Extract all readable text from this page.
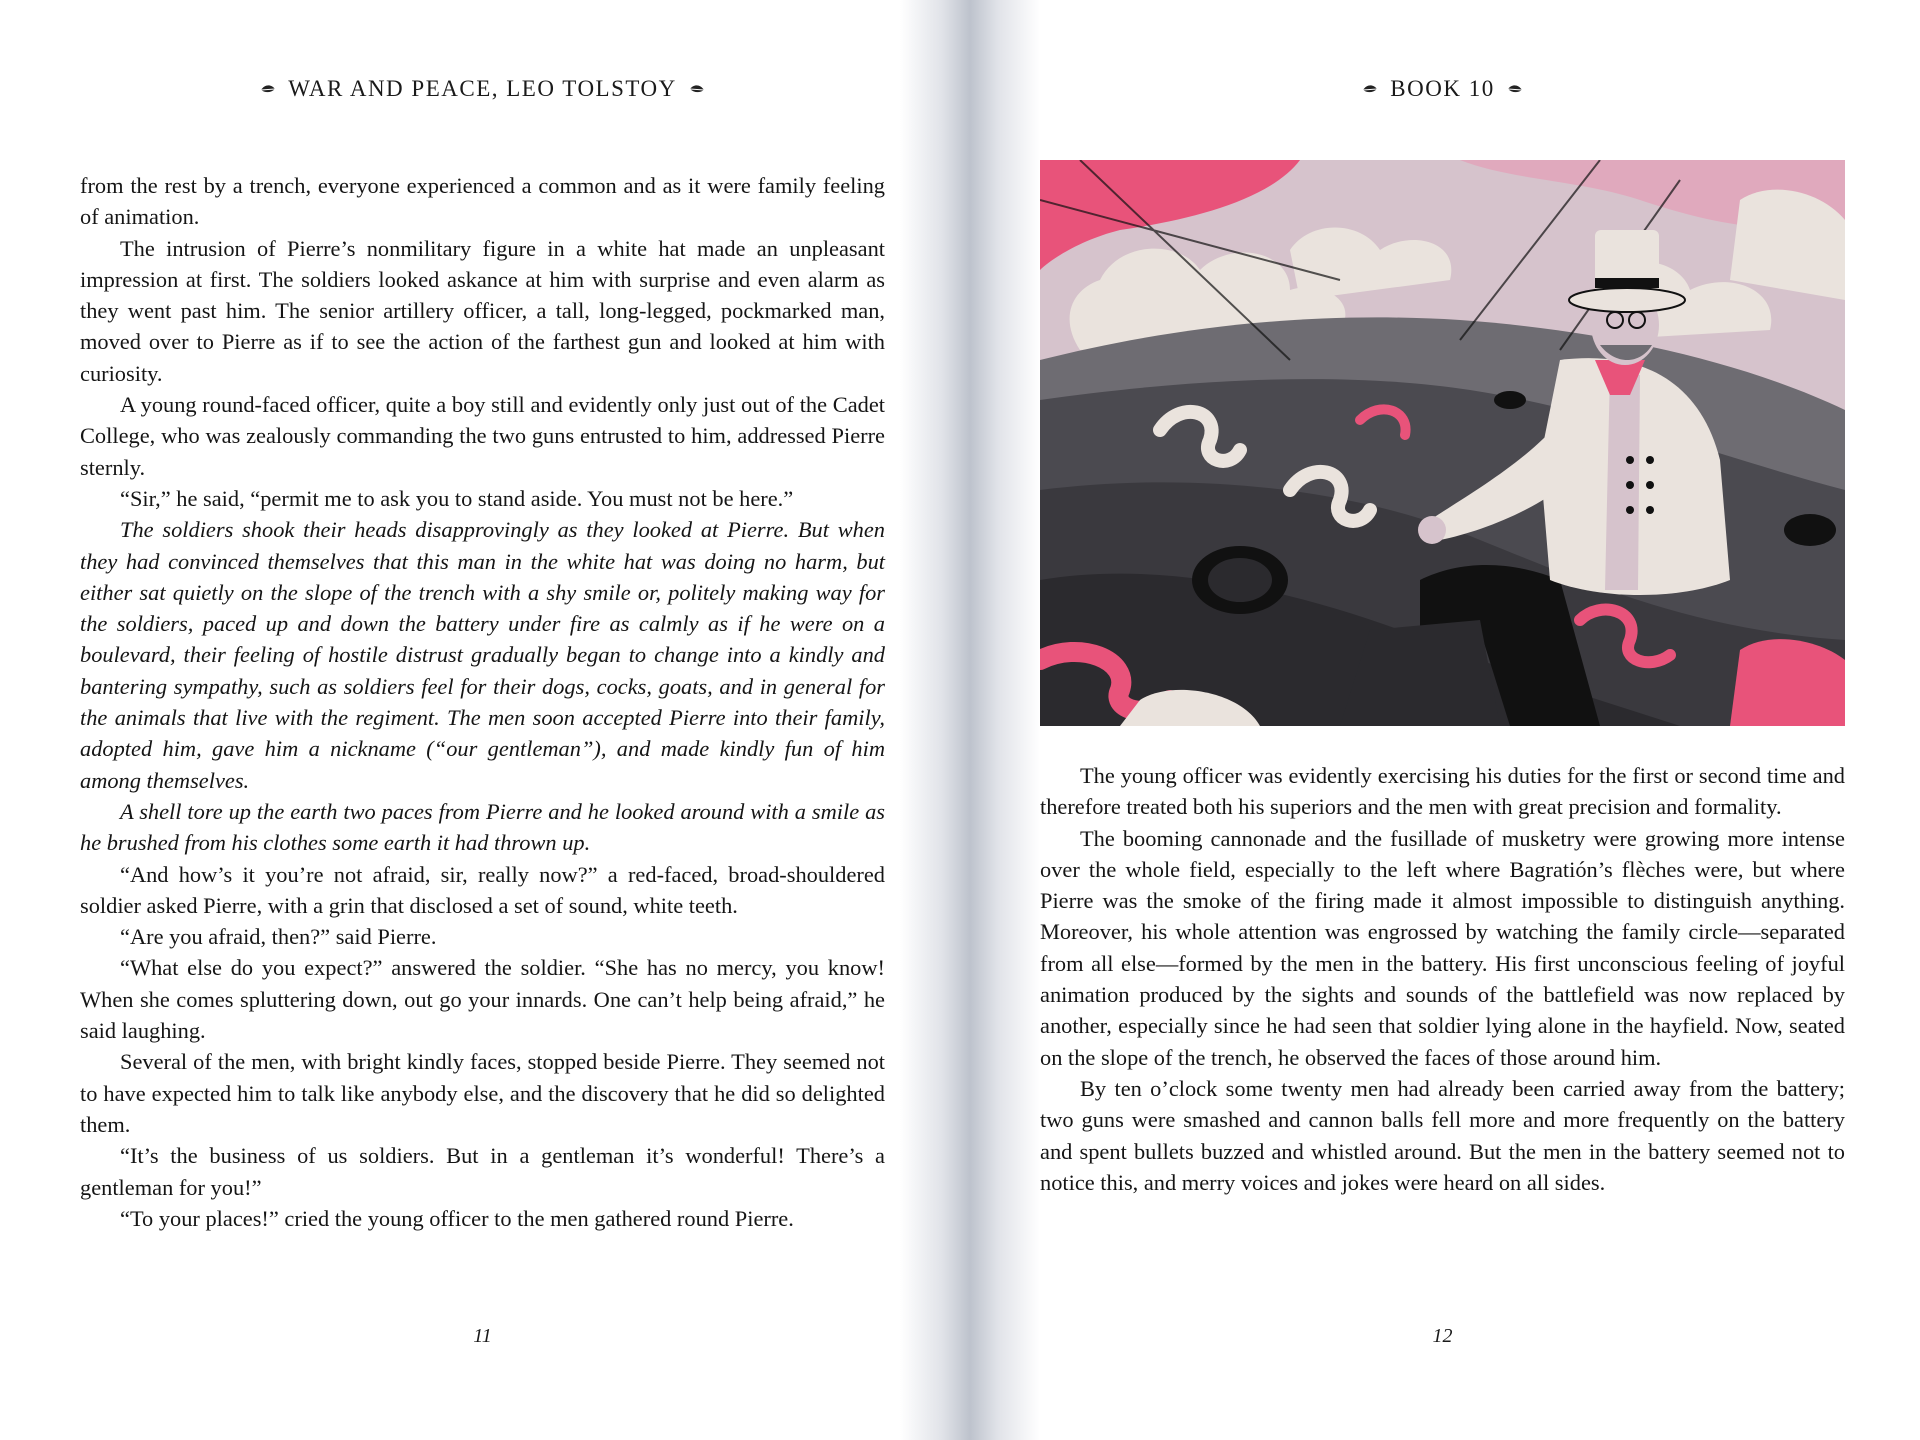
WAR AND PEACE, LEO TOLSTOY

from the rest by a trench, everyone experienced a common and as it were family feeling of animation.

The intrusion of Pierre’s nonmilitary figure in a white hat made an unpleasant impression at first. The soldiers looked askance at him with surprise and even alarm as they went past him. The senior artillery officer, a tall, long-legged, pockmarked man, moved over to Pierre as if to see the action of the farthest gun and looked at him with curiosity.

A young round-faced officer, quite a boy still and evidently only just out of the Cadet College, who was zealously commanding the two guns entrusted to him, addressed Pierre sternly.

“Sir,” he said, “permit me to ask you to stand aside. You must not be here.”

The soldiers shook their heads disapprovingly as they looked at Pierre. But when they had convinced themselves that this man in the white hat was doing no harm, but either sat quietly on the slope of the trench with a shy smile or, politely making way for the soldiers, paced up and down the battery under fire as calmly as if he were on a boulevard, their feeling of hostile distrust gradually began to change into a kindly and bantering sympathy, such as soldiers feel for their dogs, cocks, goats, and in general for the animals that live with the regiment. The men soon accepted Pierre into their family, adopted him, gave him a nickname (“our gentleman”), and made kindly fun of him among themselves.

A shell tore up the earth two paces from Pierre and he looked around with a smile as he brushed from his clothes some earth it had thrown up.

“And how’s it you’re not afraid, sir, really now?” a red-faced, broad-shouldered soldier asked Pierre, with a grin that disclosed a set of sound, white teeth.

“Are you afraid, then?” said Pierre.

“What else do you expect?” answered the soldier. “She has no mercy, you know! When she comes spluttering down, out go your innards. One can’t help being afraid,” he said laughing.

Several of the men, with bright kindly faces, stopped beside Pierre. They seemed not to have expected him to talk like anybody else, and the discovery that he did so delighted them.

“It’s the business of us soldiers. But in a gentleman it’s wonderful! There’s a gentleman for you!”

“To your places!” cried the young officer to the men gathered round Pierre.

11
BOOK 10

The young officer was evidently exercising his duties for the first or second time and therefore treated both his superiors and the men with great precision and formality.

The booming cannonade and the fusillade of musketry were growing more intense over the whole field, especially to the left where Bagratión’s flèches were, but where Pierre was the smoke of the firing made it almost impossible to distinguish anything. Moreover, his whole attention was engrossed by watching the family circle—separated from all else—formed by the men in the battery. His first unconscious feeling of joyful animation produced by the sights and sounds of the battlefield was now replaced by another, especially since he had seen that soldier lying alone in the hayfield. Now, seated on the slope of the trench, he observed the faces of those around him.

By ten o’clock some twenty men had already been carried away from the battery; two guns were smashed and cannon balls fell more and more frequently on the battery and spent bullets buzzed and whistled around. But the men in the battery seemed not to notice this, and merry voices and jokes were heard on all sides.

12
